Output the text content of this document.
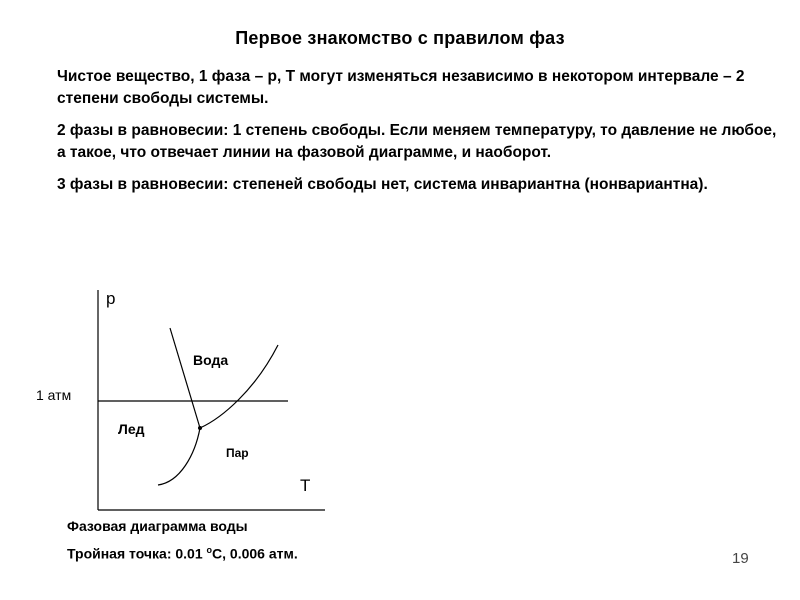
Первое знакомство с правилом фаз
Чистое вещество, 1 фаза – р, Т могут изменяться независимо в некотором интервале – 2 степени свободы системы.
2 фазы в равновесии: 1 степень свободы. Если меняем температуру, то давление не любое, а такое, что отвечает линии на фазовой диаграмме, и наоборот.
3 фазы в равновесии: степеней свободы нет, система инвариантна (нонвариантна).
р
Т
1 атм
Вода
Лед
Пар
Фазовая диаграмма воды
Тройная точка: 0.01 $^o$C, 0.006 атм.	19
